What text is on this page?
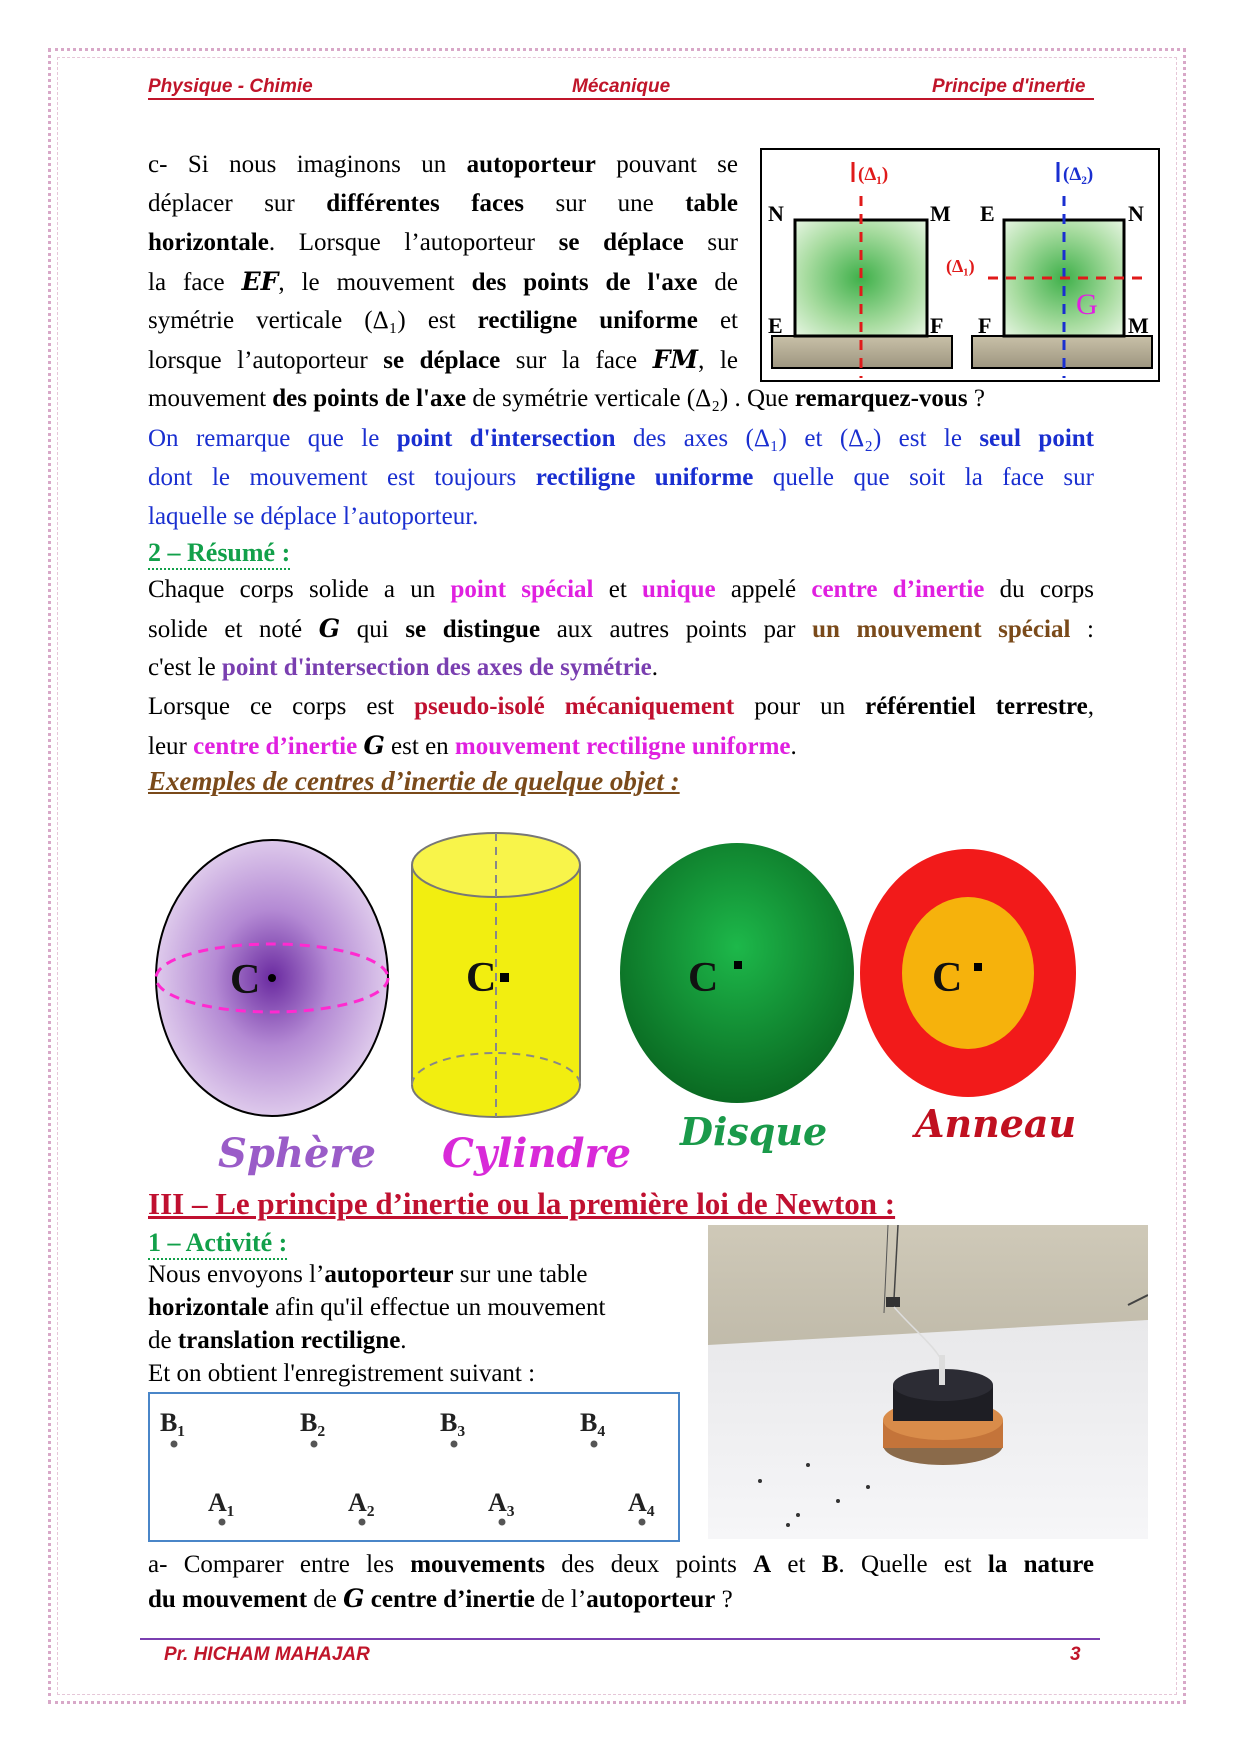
Physique - Chimie	Mécanique	Principe d'inertie
c- Si nous imaginons un autoporteur pouvant se
déplacer sur différentes faces sur une table
horizontale. Lorsque l’autoporteur se déplace sur
la face EF, le mouvement des points de l'axe de
symétrie verticale (Δ₁) est rectiligne uniforme et
lorsque l’autoporteur se déplace sur la face FM, le
mouvement des points de l'axe de symétrie verticale (Δ₂) . Que remarquez-vous ?
On remarque que le point d'intersection des axes (Δ₁) et (Δ₂) est le seul point
dont le mouvement est toujours rectiligne uniforme quelle que soit la face sur
laquelle se déplace l’autoporteur.
(Δ₁)
N	M
E	F
(Δ₂)
(Δ₁)
E	N
F	M
G
2 – Résumé :
Chaque corps solide a un point spécial et unique appelé centre d’inertie du corps
solide et noté G qui se distingue aux autres points par un mouvement spécial :
c'est le point d'intersection des axes de symétrie.
Lorsque ce corps est pseudo-isolé mécaniquement pour un référentiel terrestre,
leur centre d’inertie G est en mouvement rectiligne uniforme.
Exemples de centres d’inertie de quelque objet :
C	C	C	C
Sphère Cylindre Disque Anneau
III – Le principe d’inertie ou la première loi de Newton :
1 – Activité :
Nous envoyons l’autoporteur sur une table
horizontale afin qu'il effectue un mouvement
de translation rectiligne.
Et on obtient l'enregistrement suivant :
B₁	B₂	B₃	B₄
A₁	A₂	A₃	A₄
a- Comparer entre les mouvements des deux points A et B. Quelle est la nature
du mouvement de G centre d’inertie de l’autoporteur ?
Pr. HICHAM MAHAJAR	3
